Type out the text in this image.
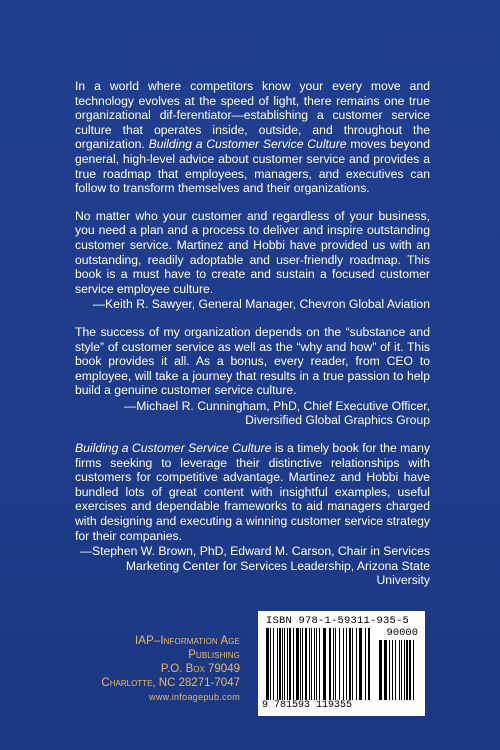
In a world where competitors know your every move and technology evolves at the speed of light, there remains one true organizational dif-ferentiator—establishing a customer service culture that operates inside, outside, and throughout the organization. Building a Customer Service Culture moves beyond general, high-level advice about customer service and provides a true roadmap that employees, managers, and executives can follow to transform themselves and their organizations.

No matter who your customer and regardless of your business, you need a plan and a process to deliver and inspire outstanding customer service. Martinez and Hobbi have provided us with an outstanding, readily adoptable and user-friendly roadmap. This book is a must have to create and sustain a focused customer service employee culture.

—Keith R. Sawyer, General Manager, Chevron Global Aviation

The success of my organization depends on the “substance and style” of customer service as well as the “why and how” of it. This book provides it all. As a bonus, every reader, from CEO to employee, will take a journey that results in a true passion to help build a genuine customer service culture.

—Michael R. Cunningham, PhD, Chief Executive Officer,
Diversified Global Graphics Group

Building a Customer Service Culture is a timely book for the many firms seeking to leverage their distinctive relationships with customers for competitive advantage. Martinez and Hobbi have bundled lots of great content with insightful examples, useful exercises and dependable frameworks to aid managers charged with designing and executing a winning customer service strategy for their companies.

—Stephen W. Brown, PhD, Edward M. Carson, Chair in Services
Marketing Center for Services Leadership, Arizona State University

IAP–Information Age Publishing
P.O. Box 79049
Charlotte, NC 28271-7047
www.infoagepub.com
ISBN 978-1-59311-935-5
90000
9 781593 119355
